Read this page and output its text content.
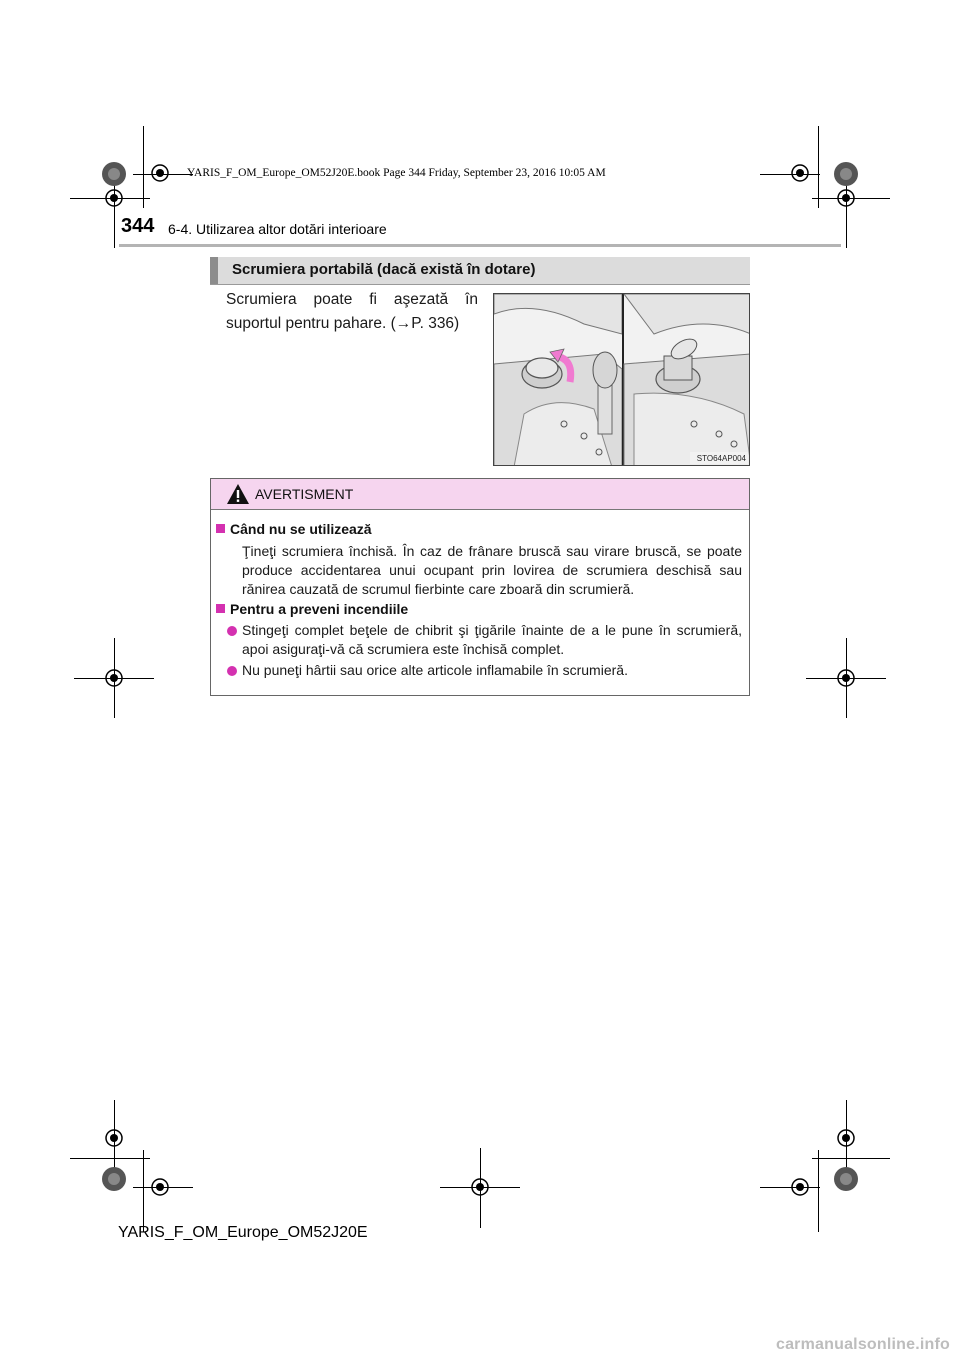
YARIS_F_OM_Europe_OM52J20E.book Page 344 Friday, September 23, 2016 10:05 AM
344 6-4. Utilizarea altor dotări interioare
Scrumiera portabilă (dacă există în dotare)
Scrumiera poate fi aşezată în
suportul pentru pahare. (→P. 336)
STO64AP004
AVERTISMENT
Când nu se utilizează
Ţineţi scrumiera închisă. În caz de frânare bruscă sau virare bruscă, se poate produce accidentarea unui ocupant prin lovirea de scrumiera deschisă sau rănirea cauzată de scrumul fierbinte care zboară din scrumieră.
Pentru a preveni incendiile
Stingeţi complet beţele de chibrit şi ţigările înainte de a le pune în scrumieră, apoi asiguraţi-vă că scrumiera este închisă complet.
Nu puneţi hârtii sau orice alte articole inflamabile în scrumieră.
YARIS_F_OM_Europe_OM52J20E
carmanualsonline.info
